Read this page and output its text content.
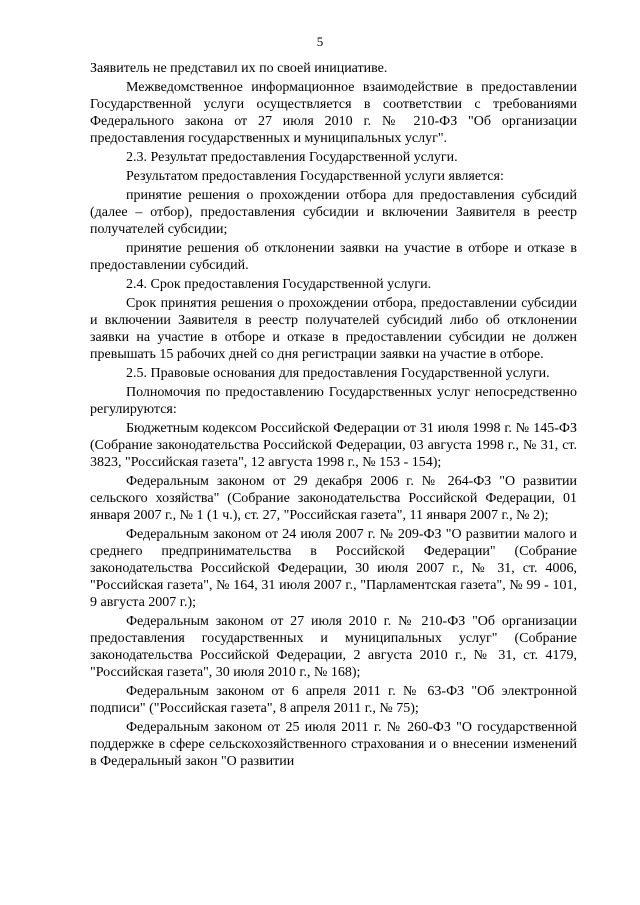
5

Заявитель не представил их по своей инициативе.

Межведомственное информационное взаимодействие в предоставлении Государственной услуги осуществляется в соответствии с требованиями Федерального закона от 27 июля 2010 г. № 210-ФЗ "Об организации предоставления государственных и муниципальных услуг".

2.3. Результат предоставления Государственной услуги.

Результатом предоставления Государственной услуги является:

принятие решения о прохождении отбора для предоставления субсидий (далее – отбор), предоставления субсидии и включении Заявителя в реестр получателей субсидии;

принятие решения об отклонении заявки на участие в отборе и отказе в предоставлении субсидий.

2.4. Срок предоставления Государственной услуги.

Срок принятия решения о прохождении отбора, предоставлении субсидии и включении Заявителя в реестр получателей субсидий либо об отклонении заявки на участие в отборе и отказе в предоставлении субсидии не должен превышать 15 рабочих дней со дня регистрации заявки на участие в отборе.

2.5. Правовые основания для предоставления Государственной услуги.

Полномочия по предоставлению Государственных услуг непосредственно регулируются:

Бюджетным кодексом Российской Федерации от 31 июля 1998 г. № 145-ФЗ (Собрание законодательства Российской Федерации, 03 августа 1998 г., № 31, ст. 3823, "Российская газета", 12 августа 1998 г., № 153 - 154);

Федеральным законом от 29 декабря 2006 г. № 264-ФЗ "О развитии сельского хозяйства" (Собрание законодательства Российской Федерации, 01 января 2007 г., № 1 (1 ч.), ст. 27, "Российская газета", 11 января 2007 г., № 2);

Федеральным законом от 24 июля 2007 г. № 209-ФЗ "О развитии малого и среднего предпринимательства в Российской Федерации" (Собрание законодательства Российской Федерации, 30 июля 2007 г., № 31, ст. 4006, "Российская газета", № 164, 31 июля 2007 г., "Парламентская газета", № 99 - 101, 9 августа 2007 г.);

Федеральным законом от 27 июля 2010 г. № 210-ФЗ "Об организации предоставления государственных и муниципальных услуг" (Собрание законодательства Российской Федерации, 2 августа 2010 г., № 31, ст. 4179, "Российская газета", 30 июля 2010 г., № 168);

Федеральным законом от 6 апреля 2011 г. № 63-ФЗ "Об электронной подписи" ("Российская газета", 8 апреля 2011 г., № 75);

Федеральным законом от 25 июля 2011 г. № 260-ФЗ "О государственной поддержке в сфере сельскохозяйственного страхования и о внесении изменений в Федеральный закон "О развитии
